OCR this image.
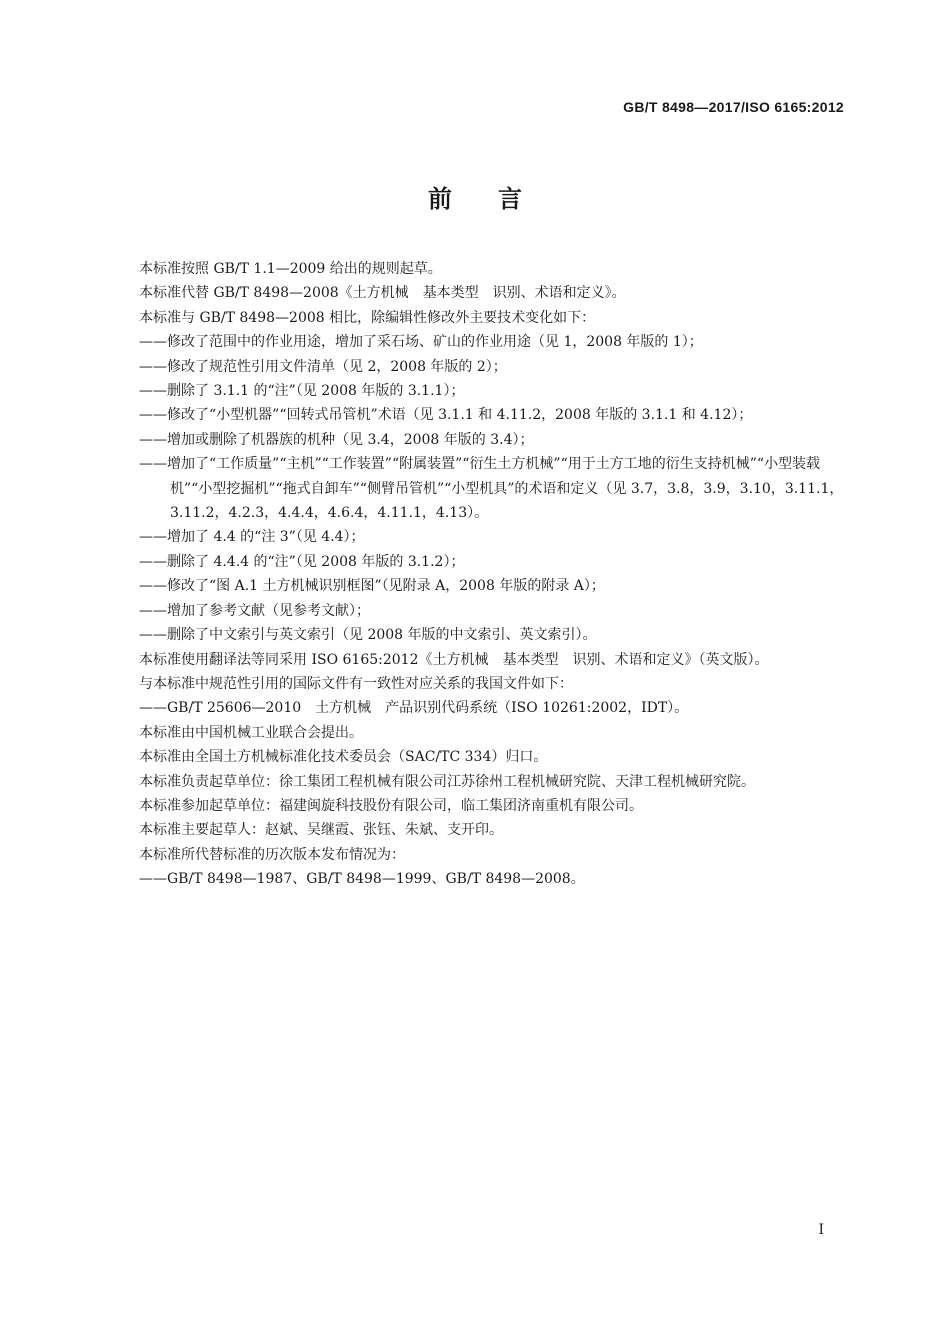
GB/T 8498—2017/ISO 6165:2012
前言

本标准按照 GB/T 1.1—2009 给出的规则起草。

本标准代替 GB/T 8498—2008《土方机械　基本类型　识别、术语和定义》。

本标准与 GB/T 8498—2008 相比，除编辑性修改外主要技术变化如下：

——修改了范围中的作业用途，增加了采石场、矿山的作业用途（见 1，2008 年版的 1）；

——修改了规范性引用文件清单（见 2，2008 年版的 2）；

——删除了 3.1.1 的“注”（见 2008 年版的 3.1.1）；

——修改了“小型机器”“回转式吊管机”术语（见 3.1.1 和 4.11.2，2008 年版的 3.1.1 和 4.12）；

——增加或删除了机器族的机种（见 3.4，2008 年版的 3.4）；

——增加了“工作质量”“主机”“工作装置”“附属装置”“衍生土方机械”“用于土方工地的衍生支持机械”“小型装载机”“小型挖掘机”“拖式自卸车”“侧臂吊管机”“小型机具”的术语和定义（见 3.7，3.8，3.9，3.10，3.11.1，3.11.2，4.2.3，4.4.4，4.6.4，4.11.1，4.13）。

——增加了 4.4 的“注 3”（见 4.4）；

——删除了 4.4.4 的“注”（见 2008 年版的 3.1.2）；

——修改了“图 A.1 土方机械识别框图”（见附录 A，2008 年版的附录 A）；

——增加了参考文献（见参考文献）；

——删除了中文索引与英文索引（见 2008 年版的中文索引、英文索引）。

本标准使用翻译法等同采用 ISO 6165:2012《土方机械　基本类型　识别、术语和定义》（英文版）。

与本标准中规范性引用的国际文件有一致性对应关系的我国文件如下：

——GB/T 25606—2010　土方机械　产品识别代码系统（ISO 10261:2002，IDT）。

本标准由中国机械工业联合会提出。

本标准由全国土方机械标准化技术委员会（SAC/TC 334）归口。

本标准负责起草单位：徐工集团工程机械有限公司江苏徐州工程机械研究院、天津工程机械研究院。

本标准参加起草单位：福建闽旋科技股份有限公司，临工集团济南重机有限公司。

本标准主要起草人：赵斌、吴继霞、张钰、朱斌、支开印。

本标准所代替标准的历次版本发布情况为：

——GB/T 8498—1987、GB/T 8498—1999、GB/T 8498—2008。

I
